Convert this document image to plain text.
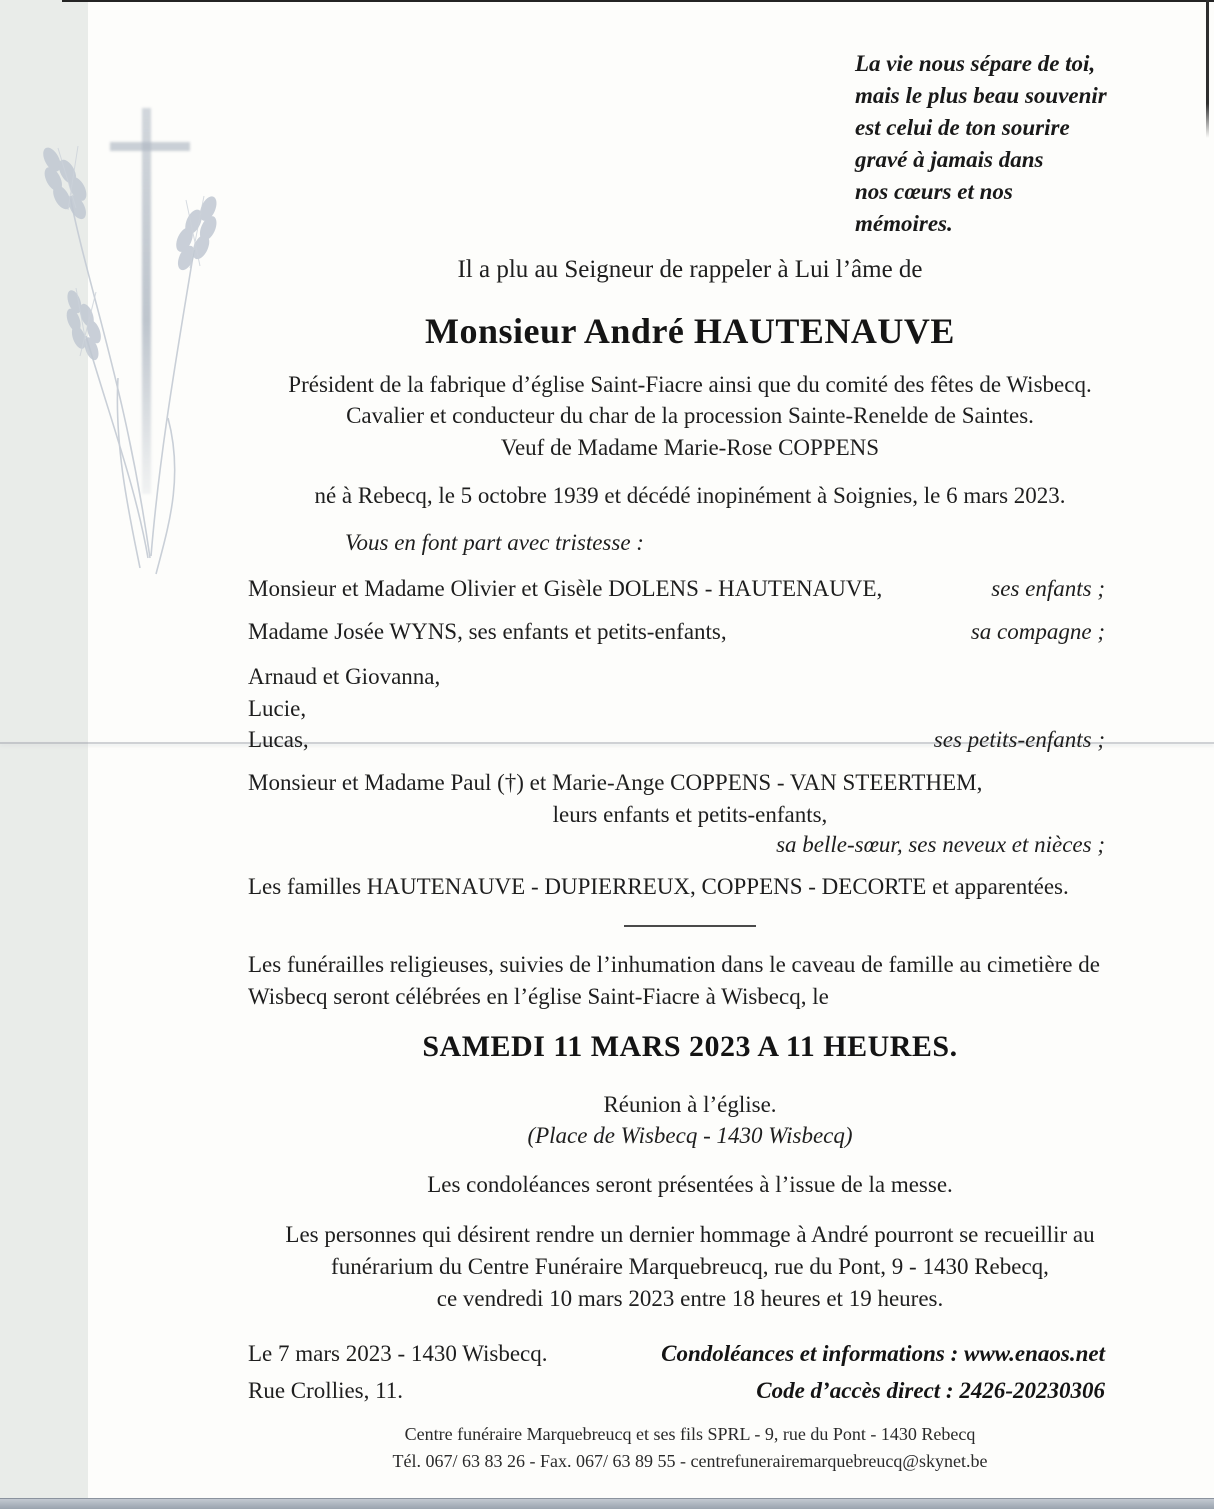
La vie nous sépare de toi,
mais le plus beau souvenir
est celui de ton sourire
gravé à jamais dans
nos cœurs et nos
mémoires.
Il a plu au Seigneur de rappeler à Lui l’âme de
Monsieur André HAUTENAUVE
Président de la fabrique d’église Saint-Fiacre ainsi que du comité des fêtes de Wisbecq.
Cavalier et conducteur du char de la procession Sainte-Renelde de Saintes.
Veuf de Madame Marie-Rose COPPENS
né à Rebecq, le 5 octobre 1939 et décédé inopinément à Soignies, le 6 mars 2023.
Vous en font part avec tristesse :
Monsieur et Madame Olivier et Gisèle DOLENS - HAUTENAUVE,	ses enfants ;
Madame Josée WYNS, ses enfants et petits-enfants,	sa compagne ;
Arnaud et Giovanna,
Lucie,
Lucas,	ses petits-enfants ;
Monsieur et Madame Paul (†) et Marie-Ange COPPENS - VAN STEERTHEM,
leurs enfants et petits-enfants,
sa belle-sœur, ses neveux et nièces ;
Les familles HAUTENAUVE - DUPIERREUX, COPPENS - DECORTE et apparentées.
Les funérailles religieuses, suivies de l’inhumation dans le caveau de famille au cimetière de
Wisbecq seront célébrées en l’église Saint-Fiacre à Wisbecq, le
SAMEDI 11 MARS 2023 A 11 HEURES.
Réunion à l’église.
(Place de Wisbecq - 1430 Wisbecq)
Les condoléances seront présentées à l’issue de la messe.
Les personnes qui désirent rendre un dernier hommage à André pourront se recueillir au
funérarium du Centre Funéraire Marquebreucq, rue du Pont, 9 - 1430 Rebecq,
ce vendredi 10 mars 2023 entre 18 heures et 19 heures.
Le 7 mars 2023 - 1430 Wisbecq.
Rue Crollies, 11.
Condoléances et informations : www.enaos.net
Code d’accès direct : 2426-20230306
Centre funéraire Marquebreucq et ses fils SPRL - 9, rue du Pont - 1430 Rebecq
Tél. 067/ 63 83 26 - Fax. 067/ 63 89 55 - centrefunerairemarquebreucq@skynet.be
